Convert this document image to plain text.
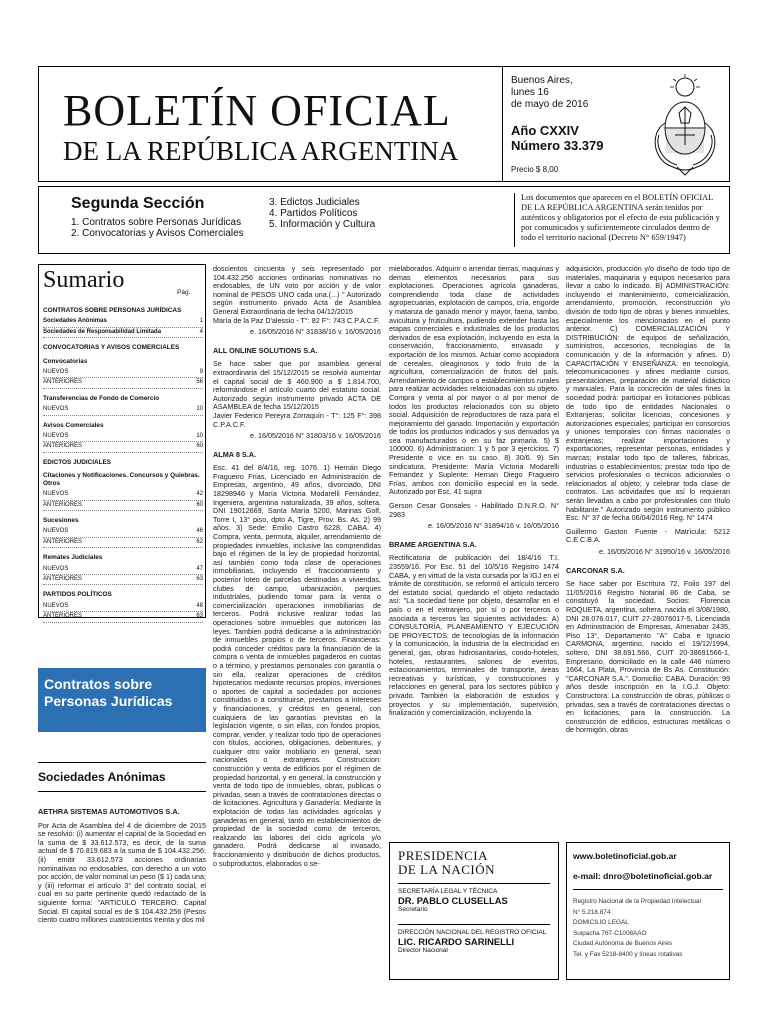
BOLETÍN OFICIAL
DE LA REPÚBLICA ARGENTINA
Buenos Aires,
lunes 16
de mayo de 2016
Año CXXIV
Número 33.379
Precio $ 8,00
Segunda Sección
1. Contratos sobre Personas Jurídicas
2. Convocatorias y Avisos Comerciales
3. Edictos Judiciales
4. Partidos Políticos
5. Información y Cultura
Los documentos que aparecen en el BOLETÍN OFICIAL DE LA REPÚBLICA ARGENTINA serán tenidos por auténticos y obligatorios por el efecto de esta publicación y por comunicados y suficientemente circulados dentro de todo el territorio nacional (Decreto N° 659/1947)
Sumario	Pág.
CONTRATOS SOBRE PERSONAS JURÍDICAS
Sociedades Anónimas	1
Sociedades de Responsabilidad Limitada	4
CONVOCATORIAS Y AVISOS COMERCIALES
Convocatorias
NUEVOS	9
ANTERIORES	56
Transferencias de Fondo de Comercio
NUEVOS	10
Avisos Comerciales
NUEVOS	10
ANTERIORES	60
EDICTOS JUDICIALES
Citaciones y Notificaciones. Concursos y Quiebras. Otros
NUEVOS	42
ANTERIORES	60
Sucesiones
NUEVOS	46
ANTERIORES	62
Remates Judiciales
NUEVOS	47
ANTERIORES	63
PARTIDOS POLÍTICOS
NUEVOS	48
ANTERIORES	63
Contratos sobre Personas Jurídicas
Sociedades Anónimas
AETHRA SISTEMAS AUTOMOTIVOS S.A.

Por Acta de Asamblea del 4 de diciembre de 2015 se resolvió: (i) aumentar el capital de la Sociedad en la suma de $ 33.612.573, es decir, de la suma actual de $ 70.819.683 a la suma de $ 104.432.256; (ii) emitir 33.612.573 acciones ordinarias nominativas no endosables, con derecho a un voto por acción, de valor nominal un peso ($ 1) cada una; y (iii) reformar el artículo 3° del contrato social, el cual en su parte pertinente quedó redactado de la siguiente forma: "ARTICULO TERCERO: Capital Social. El capital social es de $ 104.432.256 (Pesos ciento cuatro millones cuatrocientos treinta y dos mil

doscientos cincuenta y seis representado por 104.432.256 acciones ordinarias nominativas no endosables, de UN voto por acción y de valor nominal de PESOS UNO cada una.(...) " Autorizado según instrumento privado Acta de Asamblea General Extraordinaria de fecha 04/12/2015

María de la Paz D'alessio - T°: 82 F°: 743 C.P.A.C.F.

e. 16/05/2016 N° 31838/16 v. 16/05/2016

ALL ONLINE SOLUTIONS S.A.

Se hace saber que por asamblea general extraordinaria del 15/12/2015 se resolvió aumentar el capital social de $ 460.900 a $ 1.814.700, reformándose el artículo cuarto del estatuto social. Autorizado según instrumento privado ACTA DE ASAMBLEA de fecha 15/12/2015

Javier Federico Pereyra Zorraquín - T°: 125 F°: 398 C.P.A.C.F.

e. 16/05/2016 N° 31803/16 v. 16/05/2016

ALMA 8 S.A.

Esc. 41 del 8/4/16, reg. 1076. 1) Hernán Diego Fragueiro Frías, Licenciado en Administración de Empresas, argentino, 49 años, divorciado, DNI 18298946 y María Victoria Modarelli Fernández, Ingeniera, argentina naturalizada, 39 años, soltera, DNI 19012669, Santa María 5200, Marinas Golf, Torre I, 13° piso, dpto A, Tigre, Prov. Bs. As. 2) 99 años. 3) Sede: Emilio Castro 6228, CABA. 4) Compra, venta, permuta, alquiler, arrendamiento de propiedades inmuebles, inclusive las comprendidas bajo el régimen de la ley de propiedad horizontal, así también como toda clase de operaciones inmobiliarias, incluyendo el fraccionamiento y posterior loteo de parcelas destinadas a viviendas, clubes de campo, urbanización, parques industriales, pudiendo tomar para la venta o comercialización operaciones inmobiliarias de terceros. Podrá inclusive realizar todas las operaciones sobre inmuebles que autoricen las leyes. Tambien podrá dedicarse a la administración de inmuebles propios o de terceros. Financieras: podrá conceder créditos para la financiación de la compra o venta de inmuebles pagaderos en cuotas o a término, y prestamos personales con garantía o sin ella, realizar operaciones de créditos hipotecarios mediante recursos propios, inversiones o aportes de capital a sociedades por acciones constituidas o a constituirse, prestamos a intereses y financiaciones, y créditos en general, con cualquiera de las garantías previstas en la legislación vigente, o sin ellas, con fondos propios, comprar, vender, y realizar todo tipo de operaciones con títulos, acciones, obligaciones, debentures, y cualquier otro valor mobiliario en general, sean nacionales o extranjeros. Construccion: construcción y venta de edificios por el régimen de propiedad horizontal, y en general, la construcción y venta de todo tipo de inmuebles, obras, publicas o privadas, sean a través de contrataciones directas o de licitaciones. Agricultura y Ganadería: Mediante la explotación de todas las actividades agrícolas y ganaderas en general, tanto en establecimientos de propiedad de la sociedad como de terceros, realizando las labores del ciclo agrícola y/o ganadero. Podrá dedicarse al invasado, fraccionamiento y distribución de dichos productos, o subproductos, elaborados o se-

mielaborados. Adquirir o arrendar tierras, maquinas y demas elementos necesarios para sus explotaciones. Operaciones agrícola ganaderas, comprendiendo toda clase de actividades agropecuarias, explotación de campos, cría, engorde y matanza de ganado menor y mayor, faena, tambo, avicultura y fruticultura, pudiendo extender hasta las etapas comerciales e industriales de los productos derivados de esa explotación, incluyendo en esta la conservación, fraccionamiento, envasado y exportación de los mismos. Actuar como acopiadora de cereales, oleaginosos y todo fruto de la agricultura, comercialización de frutos del país. Arrendamiento de campos o establecimientos rurales para realizar actividades relacionadas con su objeto. Compra y venta al por mayor o al por menor de todos los productos relacionados con su objeto social. Adquisición de reproductores de raza para el mejoramiento del ganado. Importación y exportación de todos los productos indicados y sus derivados ya sea manufacturados o en su faz primaria. 5) $ 100000. 6) Administracion: 1 y 5 por 3 ejercicios. 7) Presidente o vice en su caso. 8) 30/6. 9) Sin sindicatura. Presidente: María Victoria Modarelli Fernandez y Suplente: Hernan Diego Fragueiro Frías, ambos con domicilio especial en la sede. Autorizado por Esc. 41 supra

Gerson Cesar Gonsales - Habilitado D.N.R.O. N° 2983

e. 16/05/2016 N° 31894/16 v. 16/05/2016

BRAME ARGENTINA S.A.

Rectificatoria de publicación del 18/4/16 T.I. 23559/16. Por Esc. 51 del 10/5/16 Registro 1474 CABA, y en virtud de la vista cursada por la IGJ en el trámite de constitución, se reformó el artículo tercero del estatuto social, quedando el objeto redactado así: "La sociedad tiene por objeto, desarrollar en el país o en el extranjero, por sí o por terceros o asociada a terceros las siguientes actividades: A) CONSULTORÍA, PLANEAMIENTO Y EJECUCIÓN DE PROYECTOS: de tecnologías de la información y la comunicación, la industria de la electricidad en general, gas, obras hidrosanitarias, condo-hoteles, hoteles, restaurantes, salones de eventos, estacionamientos, terminales de transporte, áreas recreativas y turísticas, y construcciones y refacciones en general, para los sectores público y privado. También la elaboración de estudios y proyectos y su implementación, supervisión, finalización y comercialización, incluyendo la

adquisición, producción y/o diseño de todo tipo de materiales, maquinaria y equipos necesarios para llevar a cabo lo indicado. B) ADMINISTRACIÓN: incluyendo el mantenimiento, comercialización, arrendamiento, promoción, reconstrucción y/o división de todo tipo de obras y bienes inmuebles, especialmente los mencionados en el punto anterior. C) COMERCIALIZACIÓN Y DISTRIBUCIÓN: de equipos de señalización, suministros, accesorios, tecnologías de la comunicación y de la información y afines. D) CAPACITACIÓN Y ENSEÑANZA: en tecnología, telecomunicaciones y afines mediante cursos, presentaciones, preparación de material didáctico y manuales. Para la concreción de tales fines la sociedad podrá: participar en licitaciones públicas de todo tipo de entidades Nacionales o Extranjeras; solicitar licencias, concesiones y autorizaciones especiales; participar en consorcios y uniones temporales con firmas nacionales o extranjeras; realizar importaciones y exportaciones, representar personas, entidades y marcas; instalar todo tipo de talleres, fábricas, industrias o establecimientos; prestar todo tipo de servicios profesionales o técnicos adicionales o relacionados al objeto; y celebrar toda clase de contratos. Las actividades que así lo requieran serán llevadas a cabo por profesionales con título habilitante." Autorizado según instrumento público Esc. N° 37 de fecha 06/04/2016 Reg. N° 1474

Guillermo Gaston Fuente - Matrícula: 5212 C.E.C.B.A.

e. 16/05/2016 N° 31950/16 v. 16/05/2016

CARCONAR S.A.

Se hace saber por Escritura 72, Folio 197 del 11/05/2016 Registro Notarial 86 de Caba, se constituyó la sociedad. Socios: Florencia ROQUETA, argentina, soltera, nacida el 3/08/1980, DNI 28.076.017, CUIT 27-28076017-5, Licenciada en Administración de Empresas, Amenabar 2435, Piso 13°, Departamento "A" Caba e Ignacio CARMONA, argentino, nacido el 19/12/1994, soltero, DNI 38.691.566, CUIT 20-38691566-1, Empresario, domiciliado en la calle 446 número 1664, La Plata, Provincia de Bs As. Constitución: "CARCONAR S.A.". Domicilio: CABA. Duración: 99 años desde inscripción en la I.G.J. Objeto: Constructora: La construcción de obras, públicas o privadas, sea a través de contrataciones directas o en licitaciones, para la construcción. La construcción de edificios, estructuras metálicas o de hormigón, obras

PRESIDENCIA
DE LA NACIÓN
SECRETARÍA LEGAL Y TÉCNICA
DR. PABLO CLUSELLAS
Secretario
DIRECCIÓN NACIONAL DEL REGISTRO OFICIAL
LIC. RICARDO SARINELLI
Director Nacional
www.boletinoficial.gob.ar
e-mail: dnro@boletinoficial.gob.ar
Registro Nacional de la Propiedad Intelectual
N° 5.218.874
DOMICILIO LEGAL
Suipacha 767-C1008AAO
Ciudad Autónoma de Buenos Aires
Tel. y Fax 5218-8400 y líneas rotativas
